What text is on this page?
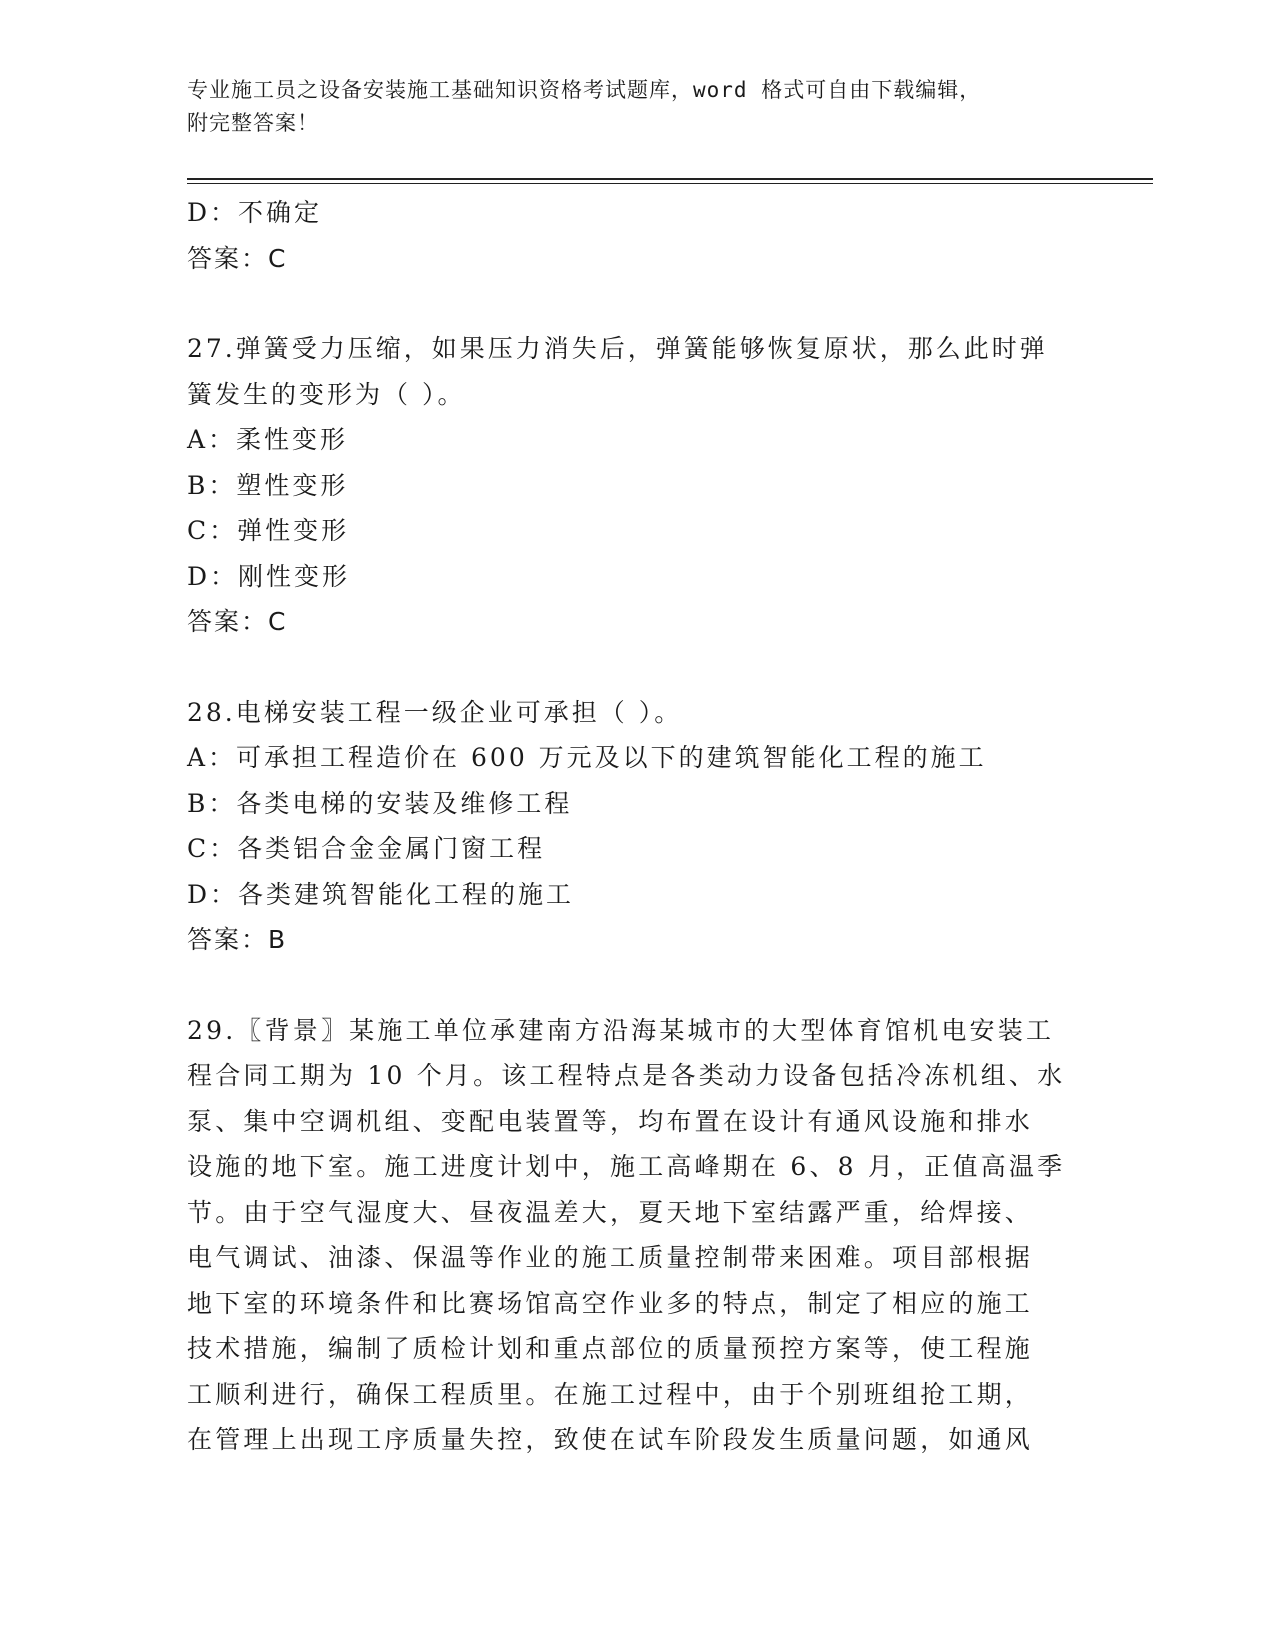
专业施工员之设备安装施工基础知识资格考试题库，word 格式可自由下载编辑，
附完整答案！

D：不确定

答案：C

27.弹簧受力压缩，如果压力消失后，弹簧能够恢复原状，那么此时弹

簧发生的变形为（ ）。

A：柔性变形

B：塑性变形

C：弹性变形

D：刚性变形

答案：C

28.电梯安装工程一级企业可承担（ ）。

A：可承担工程造价在 600 万元及以下的建筑智能化工程的施工

B：各类电梯的安装及维修工程

C：各类铝合金金属门窗工程

D：各类建筑智能化工程的施工

答案：B

29.〖背景〗某施工单位承建南方沿海某城市的大型体育馆机电安装工

程合同工期为 10 个月。该工程特点是各类动力设备包括冷冻机组、水

泵、集中空调机组、变配电装置等，均布置在设计有通风设施和排水

设施的地下室。施工进度计划中，施工高峰期在 6、8 月，正值高温季

节。由于空气湿度大、昼夜温差大，夏天地下室结露严重，给焊接、

电气调试、油漆、保温等作业的施工质量控制带来困难。项目部根据

地下室的环境条件和比赛场馆高空作业多的特点，制定了相应的施工

技术措施，编制了质检计划和重点部位的质量预控方案等，使工程施

工顺利进行，确保工程质里。在施工过程中，由于个别班组抢工期，

在管理上出现工序质量失控，致使在试车阶段发生质量问题，如通风
